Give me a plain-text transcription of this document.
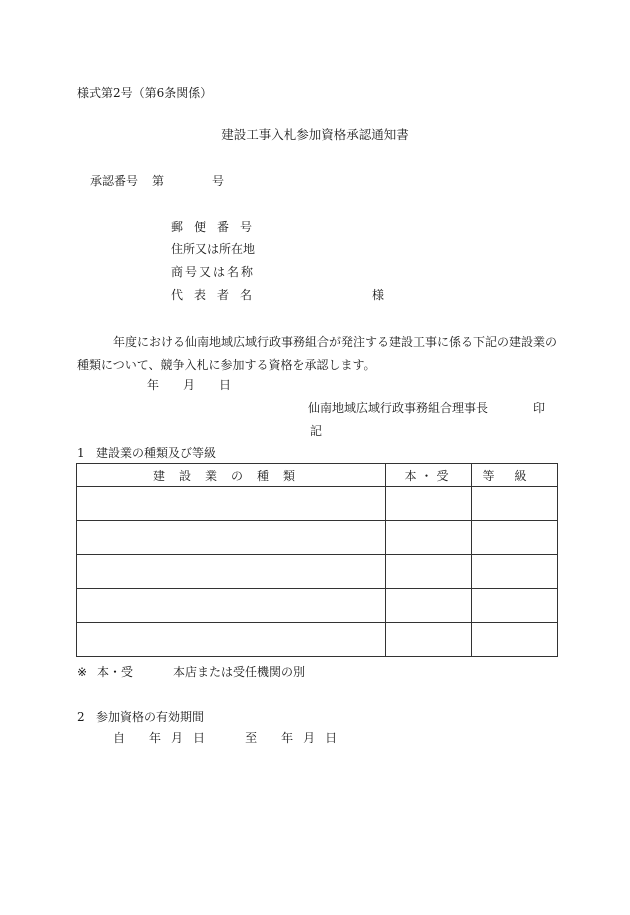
様式第2号（第6条関係）
建設工事入札参加資格承認通知書
承認番号 第	号
郵便番号
住所又は所在地
商号又は名称
代表者名	様
年度における仙南地域広域行政事務組合が発注する建設工事に係る下記の建設業の
種類について、競争入札に参加する資格を承認します。
年 月 日
仙南地域広域行政事務組合理事長	印
記
1 建設業の種類及び等級
建設業の種類	本・受	等級

※ 本・受	本店または受任機関の別
2 参加資格の有効期間
自 年 月 日	至 年 月 日
